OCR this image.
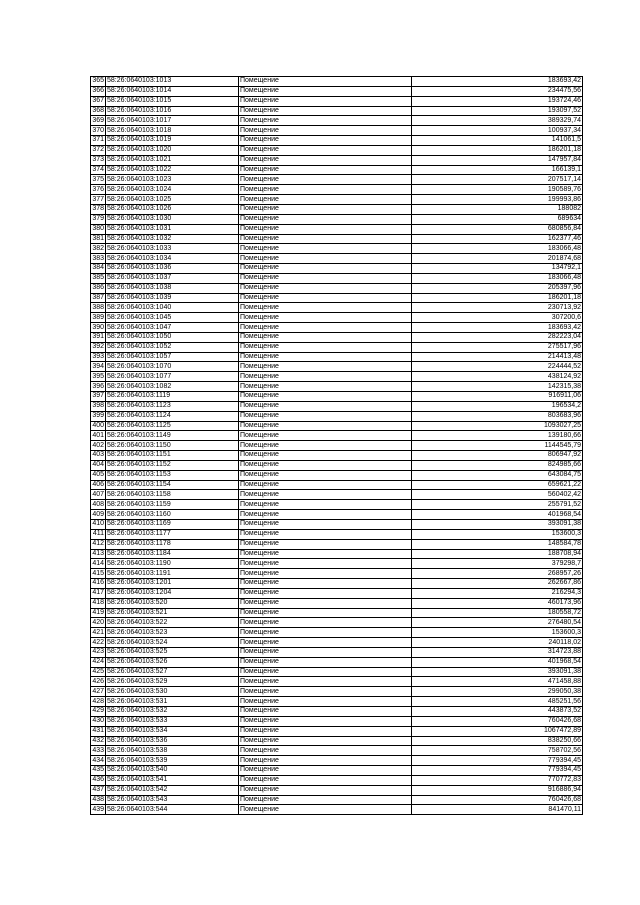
365	58:26:0640103:1013	Помещение	183693,42
366	58:26:0640103:1014	Помещение	234475,56
367	58:26:0640103:1015	Помещение	193724,46
368	58:26:0640103:1016	Помещение	193097,52
369	58:26:0640103:1017	Помещение	389329,74
370	58:26:0640103:1018	Помещение	100937,34
371	58:26:0640103:1019	Помещение	141061,5
372	58:26:0640103:1020	Помещение	186201,18
373	58:26:0640103:1021	Помещение	147957,84
374	58:26:0640103:1022	Помещение	166139,1
375	58:26:0640103:1023	Помещение	207517,14
376	58:26:0640103:1024	Помещение	190589,76
377	58:26:0640103:1025	Помещение	199993,86
378	58:26:0640103:1026	Помещение	188082
379	58:26:0640103:1030	Помещение	689634
380	58:26:0640103:1031	Помещение	680856,84
381	58:26:0640103:1032	Помещение	162377,46
382	58:26:0640103:1033	Помещение	183066,48
383	58:26:0640103:1034	Помещение	201874,68
384	58:26:0640103:1036	Помещение	134792,1
385	58:26:0640103:1037	Помещение	183066,48
386	58:26:0640103:1038	Помещение	205397,96
387	58:26:0640103:1039	Помещение	186201,18
388	58:26:0640103:1040	Помещение	230713,92
389	58:26:0640103:1045	Помещение	307200,6
390	58:26:0640103:1047	Помещение	183693,42
391	58:26:0640103:1050	Помещение	282223,04
392	58:26:0640103:1052	Помещение	275517,96
393	58:26:0640103:1057	Помещение	214413,48
394	58:26:0640103:1070	Помещение	224444,52
395	58:26:0640103:1077	Помещение	438124,92
396	58:26:0640103:1082	Помещение	142315,38
397	58:26:0640103:1119	Помещение	916911,06
398	58:26:0640103:1123	Помещение	196534,2
399	58:26:0640103:1124	Помещение	803683,96
400	58:26:0640103:1125	Помещение	1093027,25
401	58:26:0640103:1149	Помещение	139180,66
402	58:26:0640103:1150	Помещение	1144545,79
403	58:26:0640103:1151	Помещение	806947,92
404	58:26:0640103:1152	Помещение	824985,66
405	58:26:0640103:1153	Помещение	643084,75
406	58:26:0640103:1154	Помещение	659621,22
407	58:26:0640103:1158	Помещение	560402,42
408	58:26:0640103:1159	Помещение	255791,52
409	58:26:0640103:1160	Помещение	401968,54
410	58:26:0640103:1169	Помещение	393091,38
411	58:26:0640103:1177	Помещение	153600,3
412	58:26:0640103:1178	Помещение	148584,78
413	58:26:0640103:1184	Помещение	188708,94
414	58:26:0640103:1190	Помещение	379298,7
415	58:26:0640103:1191	Помещение	268957,26
416	58:26:0640103:1201	Помещение	262667,86
417	58:26:0640103:1204	Помещение	216294,3
418	58:26:0640103:520	Помещение	460173,96
419	58:26:0640103:521	Помещение	180558,72
420	58:26:0640103:522	Помещение	276480,54
421	58:26:0640103:523	Помещение	153600,3
422	58:26:0640103:524	Помещение	240118,02
423	58:26:0640103:525	Помещение	314723,88
424	58:26:0640103:526	Помещение	401968,54
425	58:26:0640103:527	Помещение	393091,38
426	58:26:0640103:529	Помещение	471458,88
427	58:26:0640103:530	Помещение	299050,38
428	58:26:0640103:531	Помещение	485251,56
429	58:26:0640103:532	Помещение	443873,52
430	58:26:0640103:533	Помещение	760426,68
431	58:26:0640103:534	Помещение	1067472,89
432	58:26:0640103:536	Помещение	838250,66
433	58:26:0640103:538	Помещение	758702,56
434	58:26:0640103:539	Помещение	779394,45
435	58:26:0640103:540	Помещение	779394,45
436	58:26:0640103:541	Помещение	770772,83
437	58:26:0640103:542	Помещение	916886,94
438	58:26:0640103:543	Помещение	760426,68
439	58:26:0640103:544	Помещение	841470,11
